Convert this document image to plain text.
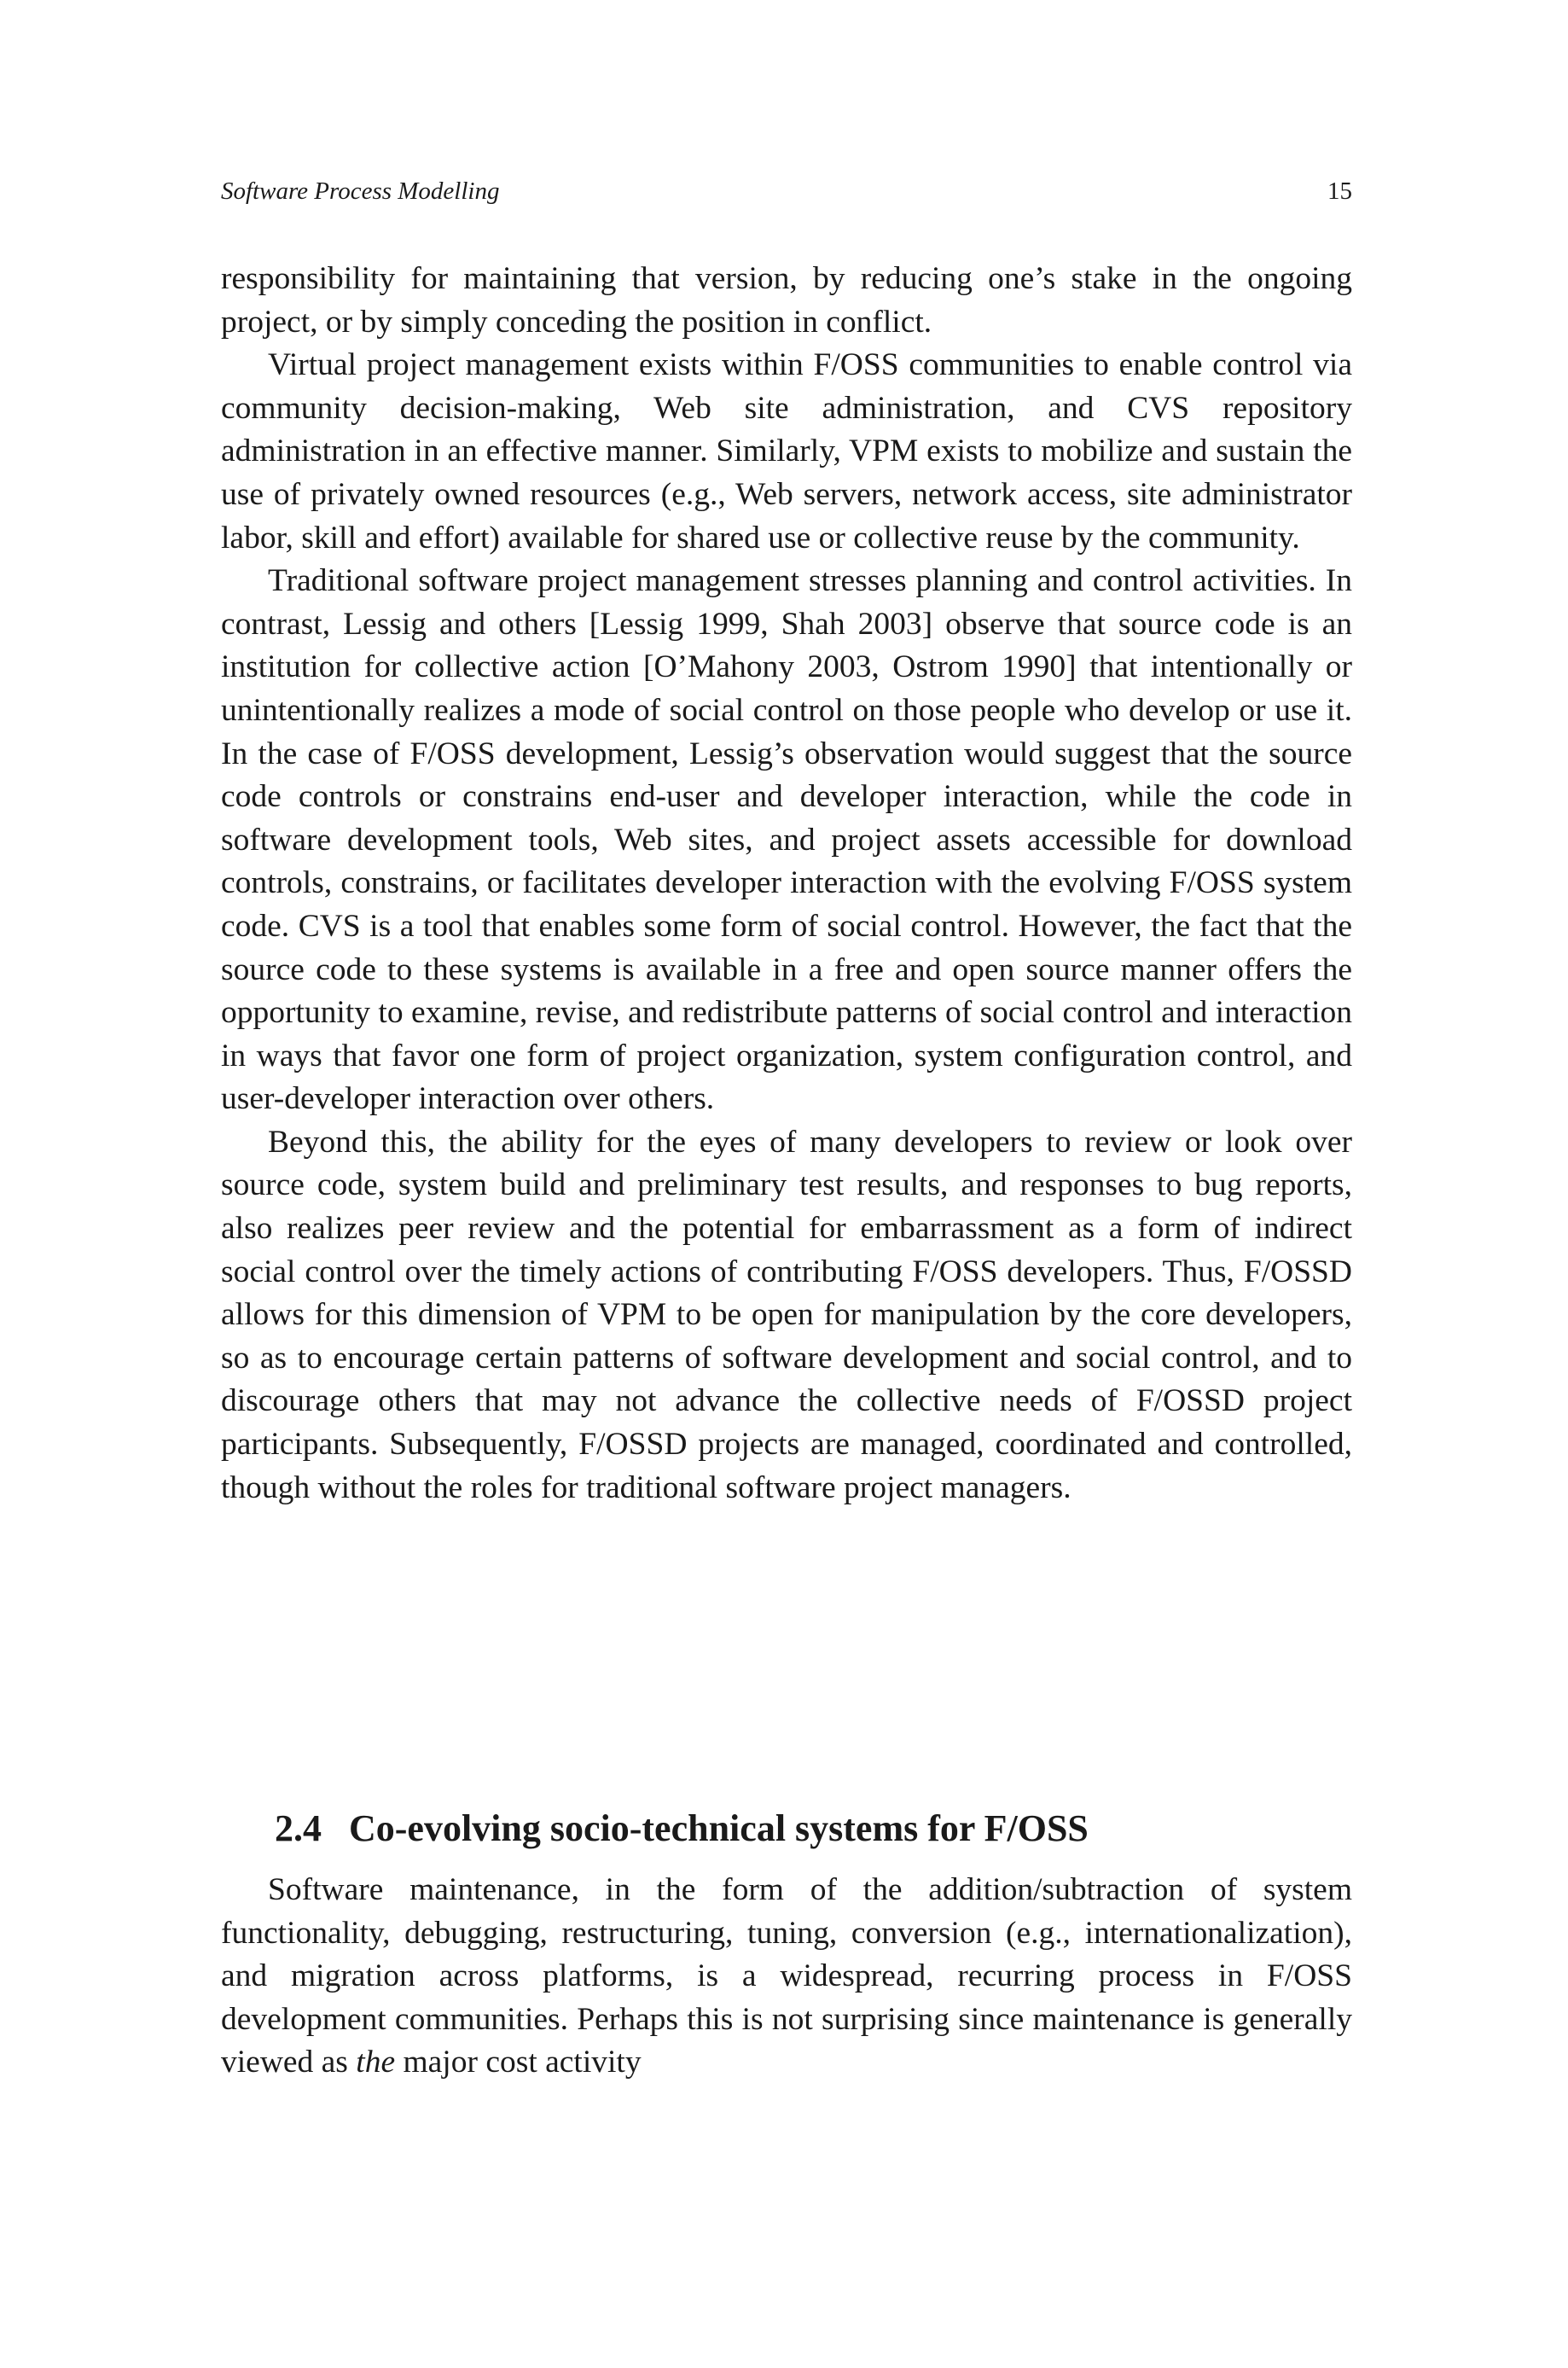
Software Process Modelling	15

responsibility for maintaining that version, by reducing one’s stake in the ongoing project, or by simply conceding the position in conflict.

Virtual project management exists within F/OSS communities to enable control via community decision-making, Web site administration, and CVS repository administration in an effective manner. Similarly, VPM exists to mobilize and sustain the use of privately owned resources (e.g., Web servers, network access, site administrator labor, skill and effort) available for shared use or collective reuse by the community.

Traditional software project management stresses planning and control activities. In contrast, Lessig and others [Lessig 1999, Shah 2003] observe that source code is an institution for collective action [O’Mahony 2003, Ostrom 1990] that intentionally or unintentionally realizes a mode of social control on those people who develop or use it. In the case of F/OSS development, Lessig’s observation would suggest that the source code controls or constrains end-user and developer interaction, while the code in software development tools, Web sites, and project assets accessible for download controls, constrains, or facilitates developer interaction with the evolving F/OSS system code. CVS is a tool that enables some form of social control. However, the fact that the source code to these systems is available in a free and open source manner offers the opportunity to examine, revise, and redistribute patterns of social control and interaction in ways that favor one form of project organization, system configuration control, and user-developer interaction over others.

Beyond this, the ability for the eyes of many developers to review or look over source code, system build and preliminary test results, and responses to bug reports, also realizes peer review and the potential for embarrassment as a form of indirect social control over the timely actions of contributing F/OSS developers. Thus, F/OSSD allows for this dimension of VPM to be open for manipulation by the core developers, so as to encourage certain patterns of software development and social control, and to discourage others that may not advance the collective needs of F/OSSD project participants. Subsequently, F/OSSD projects are managed, coordinated and controlled, though without the roles for traditional software project managers.

2.4 Co-evolving socio-technical systems for F/OSS

Software maintenance, in the form of the addition/subtraction of system functionality, debugging, restructuring, tuning, conversion (e.g., internationalization), and migration across platforms, is a widespread, recurring process in F/OSS development communities. Perhaps this is not surprising since maintenance is generally viewed as the major cost activity
